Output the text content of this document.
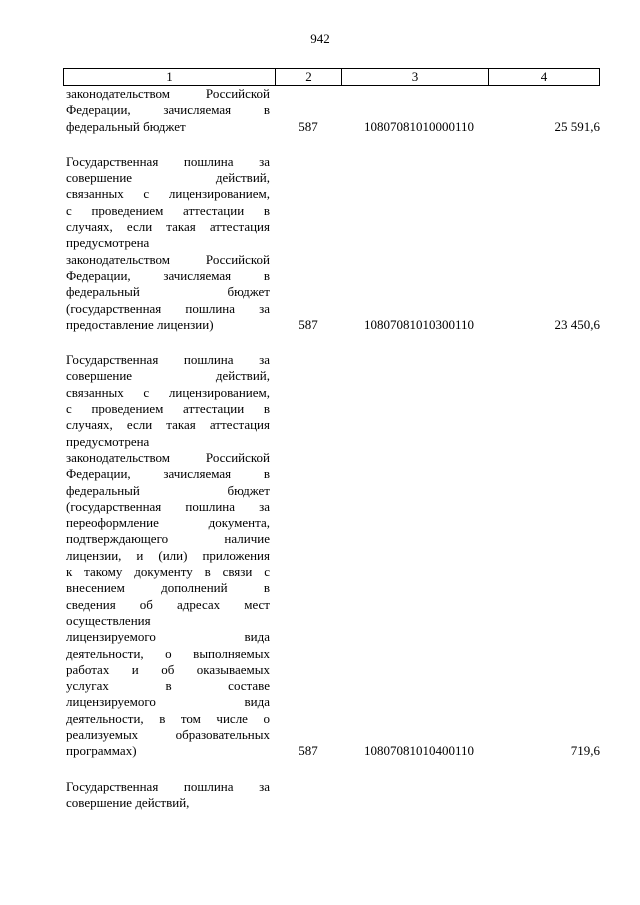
942
1	2	3	4
законодательством Российской
Федерации, зачисляемая в
федеральный бюджет	587	10807081010000110	25 591,6
Государственная пошлина за
совершение действий,
связанных с лицензированием,
с проведением аттестации в
случаях, если такая аттестация
предусмотрена
законодательством Российской
Федерации, зачисляемая в
федеральный бюджет
(государственная пошлина за
предоставление лицензии)	587	10807081010300110	23 450,6
Государственная пошлина за
совершение действий,
связанных с лицензированием,
с проведением аттестации в
случаях, если такая аттестация
предусмотрена
законодательством Российской
Федерации, зачисляемая в
федеральный бюджет
(государственная пошлина за
переоформление документа,
подтверждающего наличие
лицензии, и (или) приложения
к такому документу в связи с
внесением дополнений в
сведения об адресах мест
осуществления
лицензируемого вида
деятельности, о выполняемых
работах и об оказываемых
услугах в составе
лицензируемого вида
деятельности, в том числе о
реализуемых образовательных
программах)	587	10807081010400110	719,6
Государственная пошлина за
совершение действий,
